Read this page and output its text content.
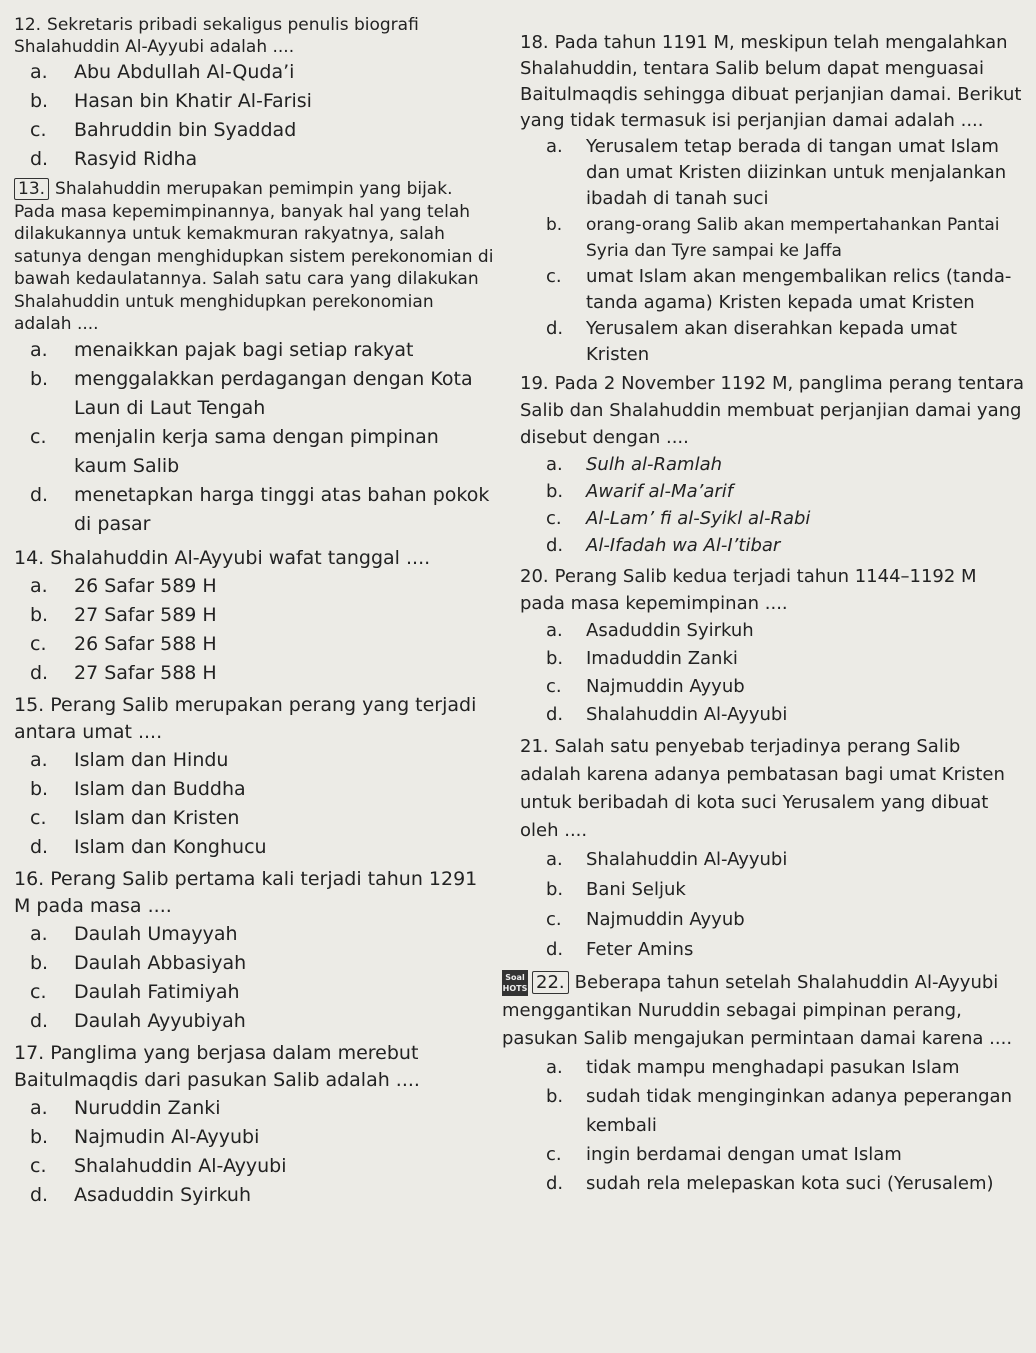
12. Sekretaris pribadi sekaligus penulis biografi Shalahuddin Al-Ayyubi adalah ....

a.	Abu Abdullah Al-Quda’i
b.	Hasan bin Khatir Al-Farisi
c.	Bahruddin bin Syaddad
d.	Rasyid Ridha

13. Shalahuddin merupakan pemimpin yang bijak. Pada masa kepemimpinannya, banyak hal yang telah dilakukannya untuk kemakmuran rakyatnya, salah satunya dengan menghidupkan sistem perekonomian di bawah kedaulatannya. Salah satu cara yang dilakukan Shalahuddin untuk menghidupkan perekonomian adalah ....

a.	menaikkan pajak bagi setiap rakyat
b.	menggalakkan perdagangan dengan Kota Laun di Laut Tengah
c.	menjalin kerja sama dengan pimpinan kaum Salib
d.	menetapkan harga tinggi atas bahan pokok di pasar

14. Shalahuddin Al-Ayyubi wafat tanggal ....

a.	26 Safar 589 H
b.	27 Safar 589 H
c.	26 Safar 588 H
d.	27 Safar 588 H

15. Perang Salib merupakan perang yang terjadi antara umat ....

a.	Islam dan Hindu
b.	Islam dan Buddha
c.	Islam dan Kristen
d.	Islam dan Konghucu

16. Perang Salib pertama kali terjadi tahun 1291 M pada masa ....

a.	Daulah Umayyah
b.	Daulah Abbasiyah
c.	Daulah Fatimiyah
d.	Daulah Ayyubiyah

17. Panglima yang berjasa dalam merebut Baitulmaqdis dari pasukan Salib adalah ....

a.	Nuruddin Zanki
b.	Najmudin Al-Ayyubi
c.	Shalahuddin Al-Ayyubi
d.	Asaduddin Syirkuh

18. Pada tahun 1191 M, meskipun telah mengalahkan Shalahuddin, tentara Salib belum dapat menguasai Baitulmaqdis sehingga dibuat perjanjian damai. Berikut yang tidak termasuk isi perjanjian damai adalah ....

a.	Yerusalem tetap berada di tangan umat Islam dan umat Kristen diizinkan untuk menjalankan ibadah di tanah suci
b.	orang-orang Salib akan mempertahankan Pantai Syria dan Tyre sampai ke Jaffa
c.	umat Islam akan mengembalikan relics (tanda-tanda agama) Kristen kepada umat Kristen
d.	Yerusalem akan diserahkan kepada umat Kristen

19. Pada 2 November 1192 M, panglima perang tentara Salib dan Shalahuddin membuat perjanjian damai yang disebut dengan ....

a.	Sulh al-Ramlah
b.	Awarif al-Ma’arif
c.	Al-Lam’ fi al-Syikl al-Rabi
d.	Al-Ifadah wa Al-I’tibar

20. Perang Salib kedua terjadi tahun 1144–1192 M pada masa kepemimpinan ....

a.	Asaduddin Syirkuh
b.	Imaduddin Zanki
c.	Najmuddin Ayyub
d.	Shalahuddin Al-Ayyubi

21. Salah satu penyebab terjadinya perang Salib adalah karena adanya pembatasan bagi umat Kristen untuk beribadah di kota suci Yerusalem yang dibuat oleh ....

a.	Shalahuddin Al-Ayyubi
b.	Bani Seljuk
c.	Najmuddin Ayyub
d.	Feter Amins

Soal
HOTS 22. Beberapa tahun setelah Shalahuddin Al-Ayyubi menggantikan Nuruddin sebagai pimpinan perang, pasukan Salib mengajukan permintaan damai karena ....

a.	tidak mampu menghadapi pasukan Islam
b.	sudah tidak menginginkan adanya peperangan kembali
c.	ingin berdamai dengan umat Islam
d.	sudah rela melepaskan kota suci (Yerusalem)
